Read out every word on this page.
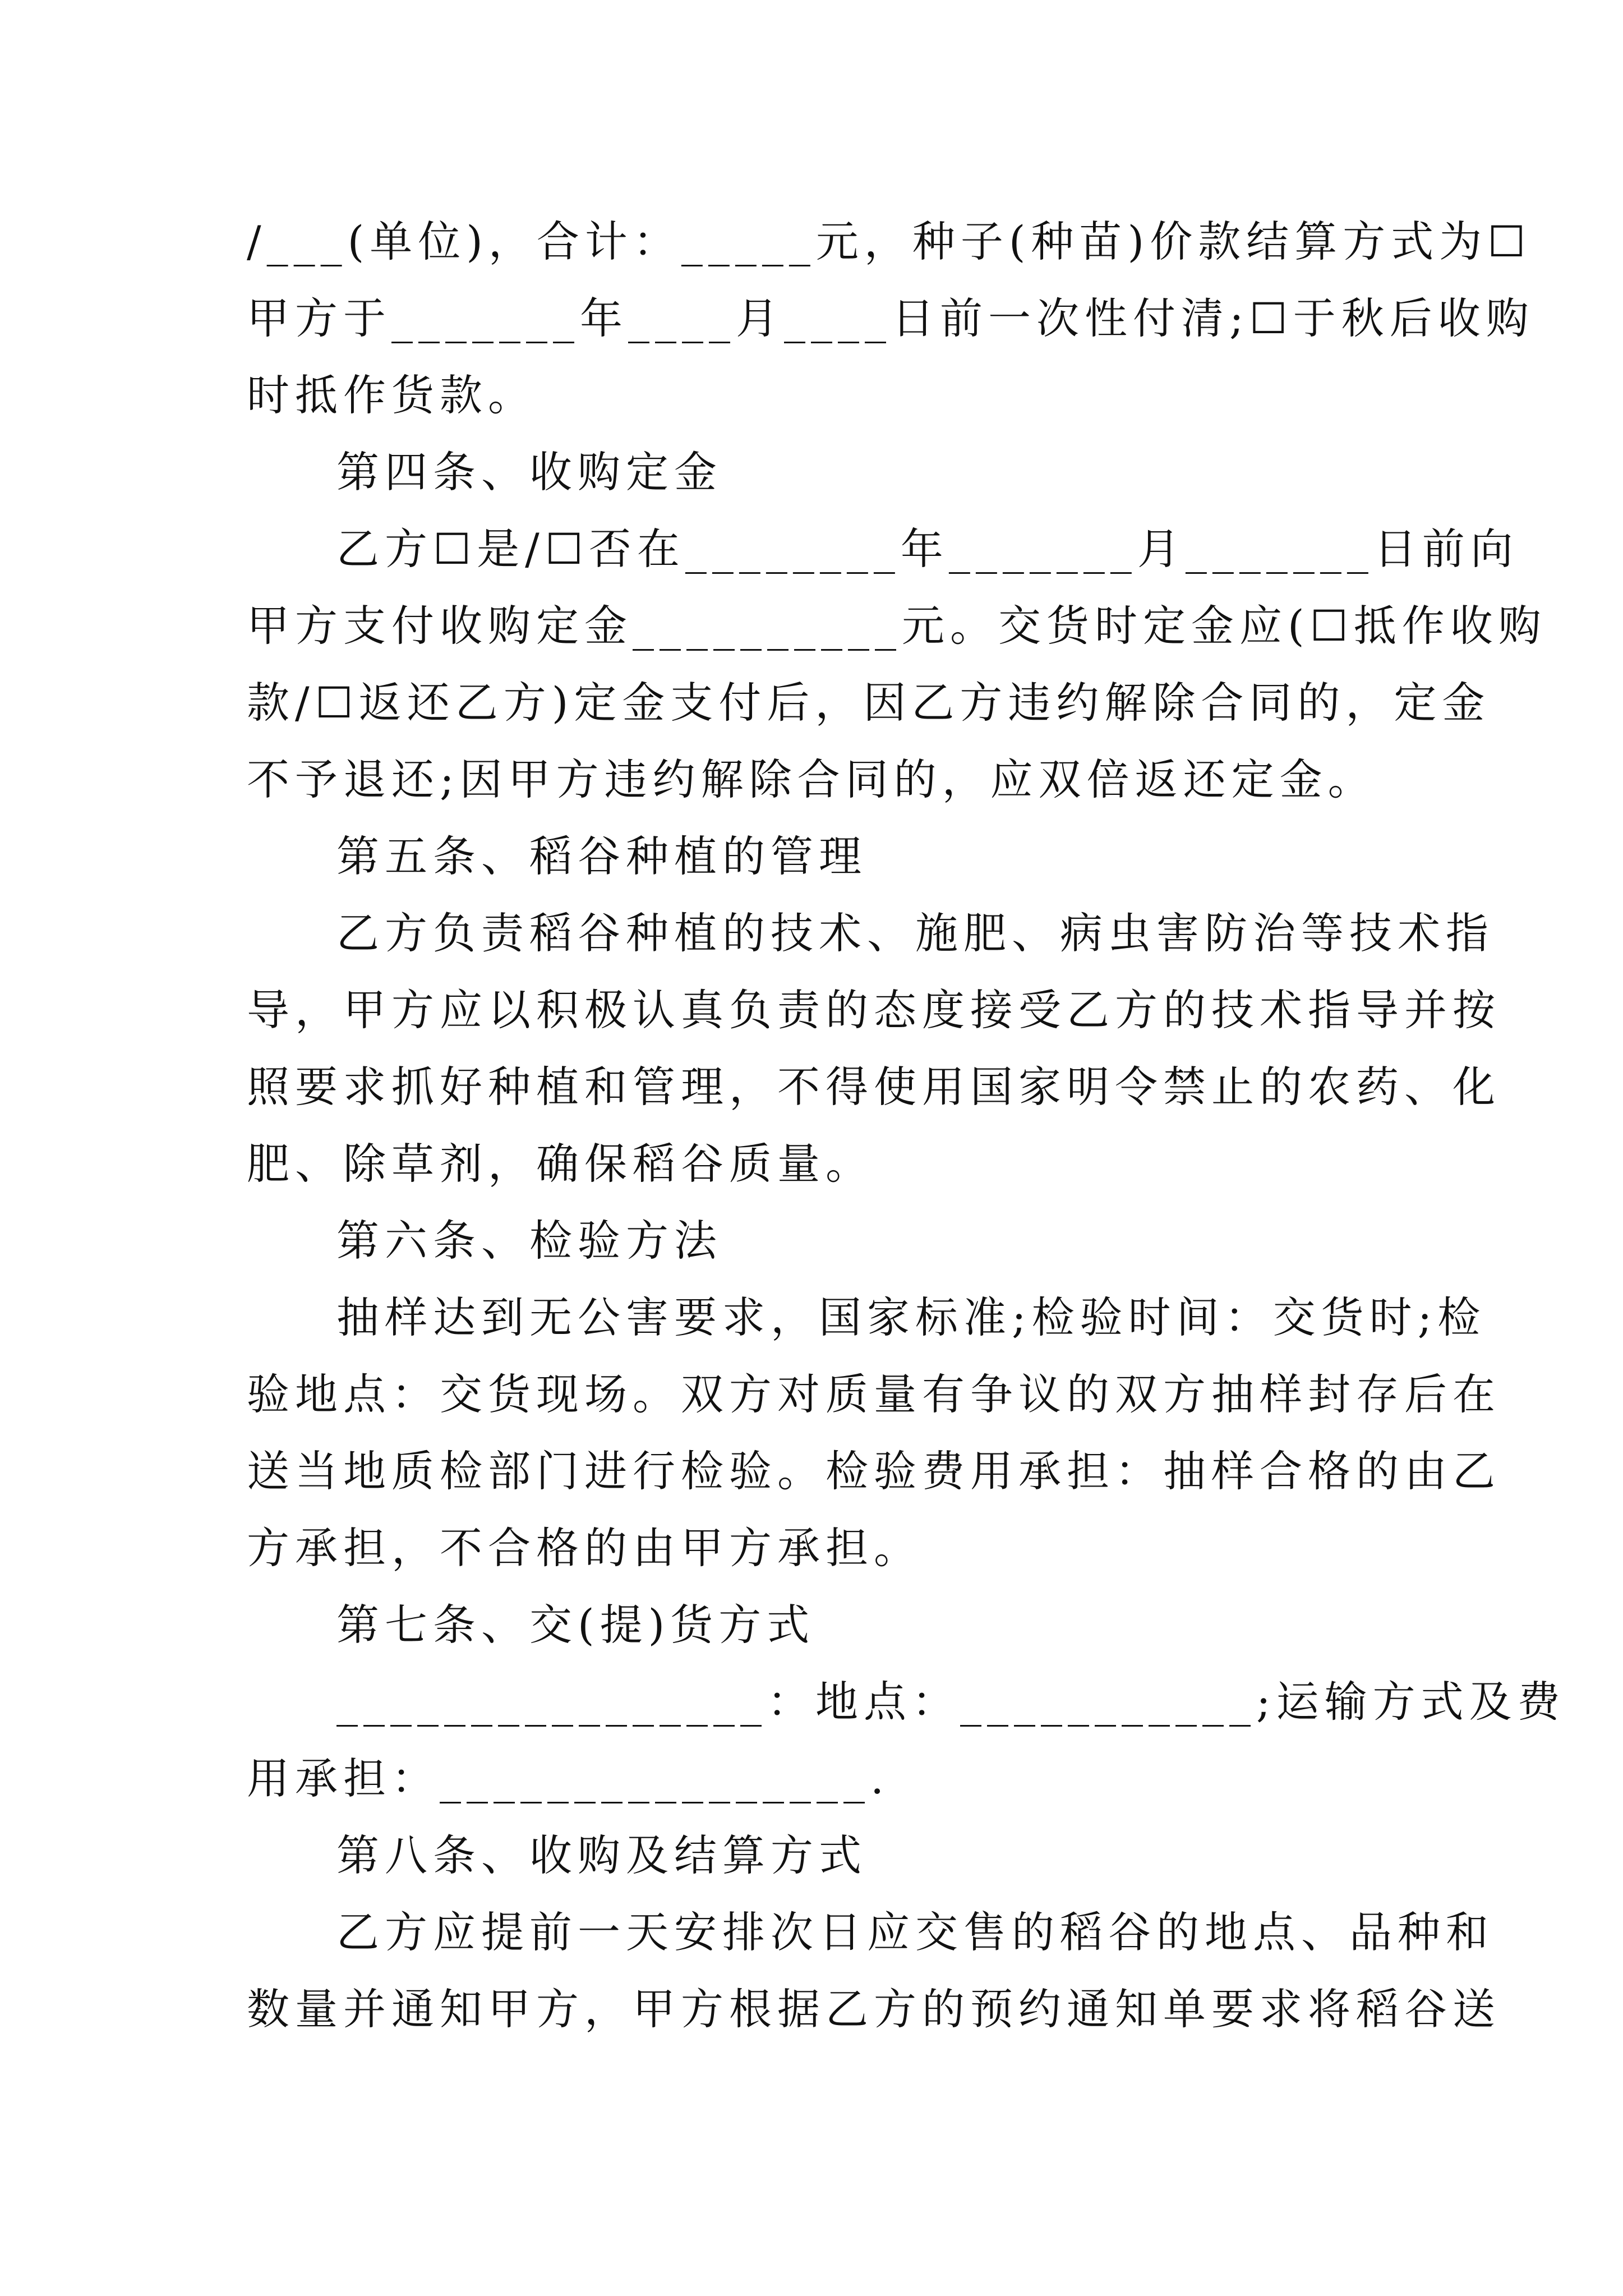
/___(单位)，合计：_____元，种子(种苗)价款结算方式为☐
甲方于_______年____月____日前一次性付清;☐于秋后收购
时抵作货款。
第四条、收购定金
乙方☐是/☐否在________年_______月_______日前向
甲方支付收购定金__________元。交货时定金应(☐抵作收购
款/☐返还乙方)定金支付后，因乙方违约解除合同的，定金
不予退还;因甲方违约解除合同的，应双倍返还定金。
第五条、稻谷种植的管理
乙方负责稻谷种植的技术、施肥、病虫害防治等技术指
导，甲方应以积极认真负责的态度接受乙方的技术指导并按
照要求抓好种植和管理，不得使用国家明令禁止的农药、化
肥、除草剂，确保稻谷质量。
第六条、检验方法
抽样达到无公害要求，国家标准;检验时间：交货时;检
验地点：交货现场。双方对质量有争议的双方抽样封存后在
送当地质检部门进行检验。检验费用承担：抽样合格的由乙
方承担，不合格的由甲方承担。
第七条、交(提)货方式
________________：地点：___________;运输方式及费
用承担：________________.
第八条、收购及结算方式
乙方应提前一天安排次日应交售的稻谷的地点、品种和
数量并通知甲方，甲方根据乙方的预约通知单要求将稻谷送
